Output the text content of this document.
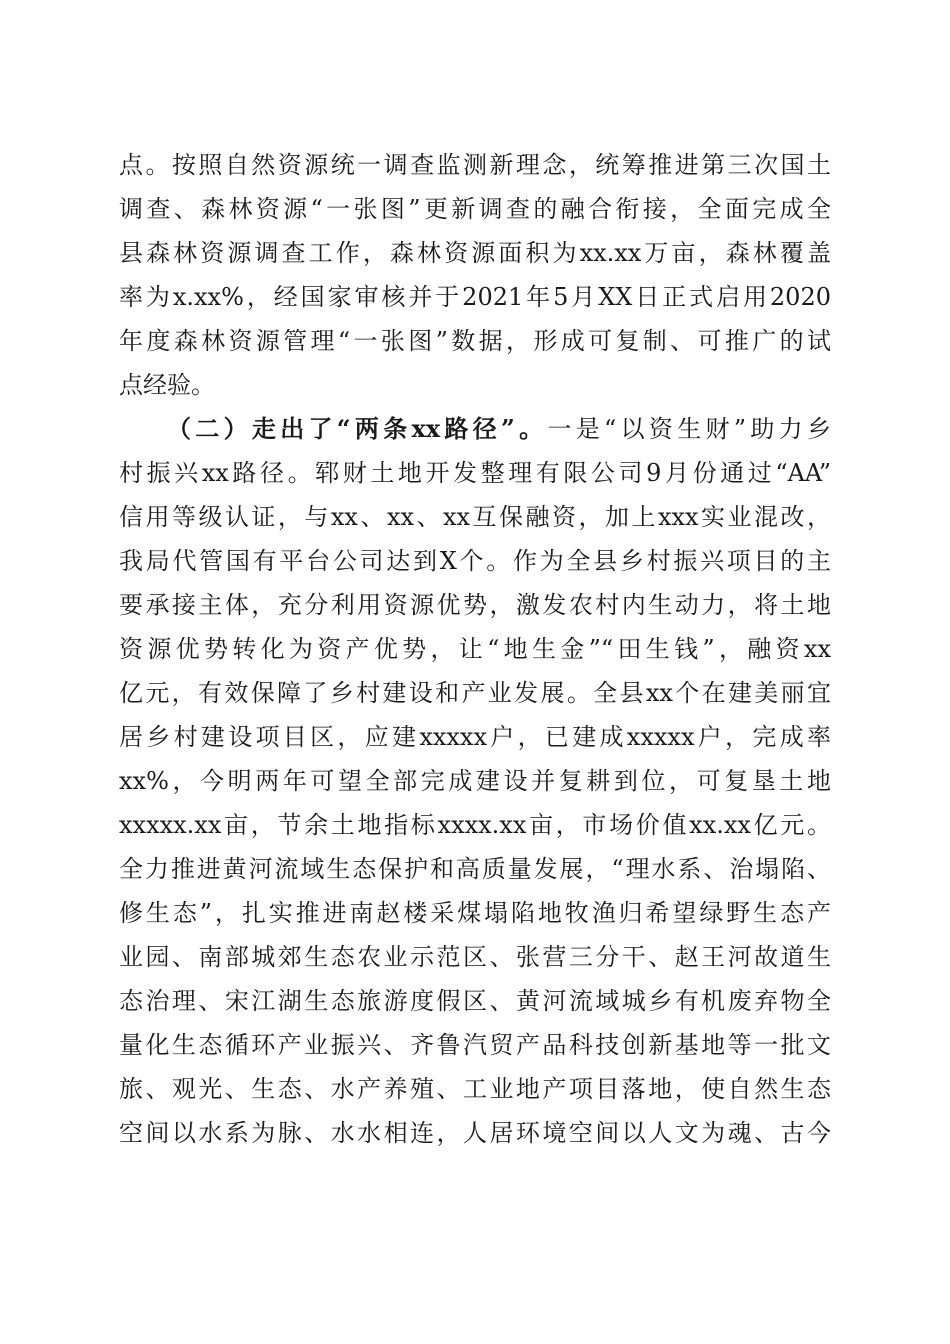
点。按照自然资源统一调查监测新理念，统筹推进第三次国土
调查、森林资源“一张图”更新调查的融合衔接，全面完成全
县森林资源调查工作，森林资源面积为xx.xx万亩，森林覆盖
率为x.xx%，经国家审核并于2021年5月XX日正式启用2020
年度森林资源管理“一张图”数据，形成可复制、可推广的试
点经验。
（二）走出了“两条xx路径”。一是“以资生财”助力乡
村振兴xx路径。郓财土地开发整理有限公司9月份通过“AA”
信用等级认证，与xx、xx、xx互保融资，加上xxx实业混改，
我局代管国有平台公司达到X个。作为全县乡村振兴项目的主
要承接主体，充分利用资源优势，激发农村内生动力，将土地
资源优势转化为资产优势，让“地生金”“田生钱”，融资xx
亿元，有效保障了乡村建设和产业发展。全县xx个在建美丽宜
居乡村建设项目区，应建xxxxx户，已建成xxxxx户，完成率
xx%，今明两年可望全部完成建设并复耕到位，可复垦土地
xxxxx.xx亩，节余土地指标xxxx.xx亩，市场价值xx.xx亿元。
全力推进黄河流域生态保护和高质量发展，“理水系、治塌陷、
修生态”，扎实推进南赵楼采煤塌陷地牧渔归希望绿野生态产
业园、南部城郊生态农业示范区、张营三分干、赵王河故道生
态治理、宋江湖生态旅游度假区、黄河流域城乡有机废弃物全
量化生态循环产业振兴、齐鲁汽贸产品科技创新基地等一批文
旅、观光、生态、水产养殖、工业地产项目落地，使自然生态
空间以水系为脉、水水相连，人居环境空间以人文为魂、古今
